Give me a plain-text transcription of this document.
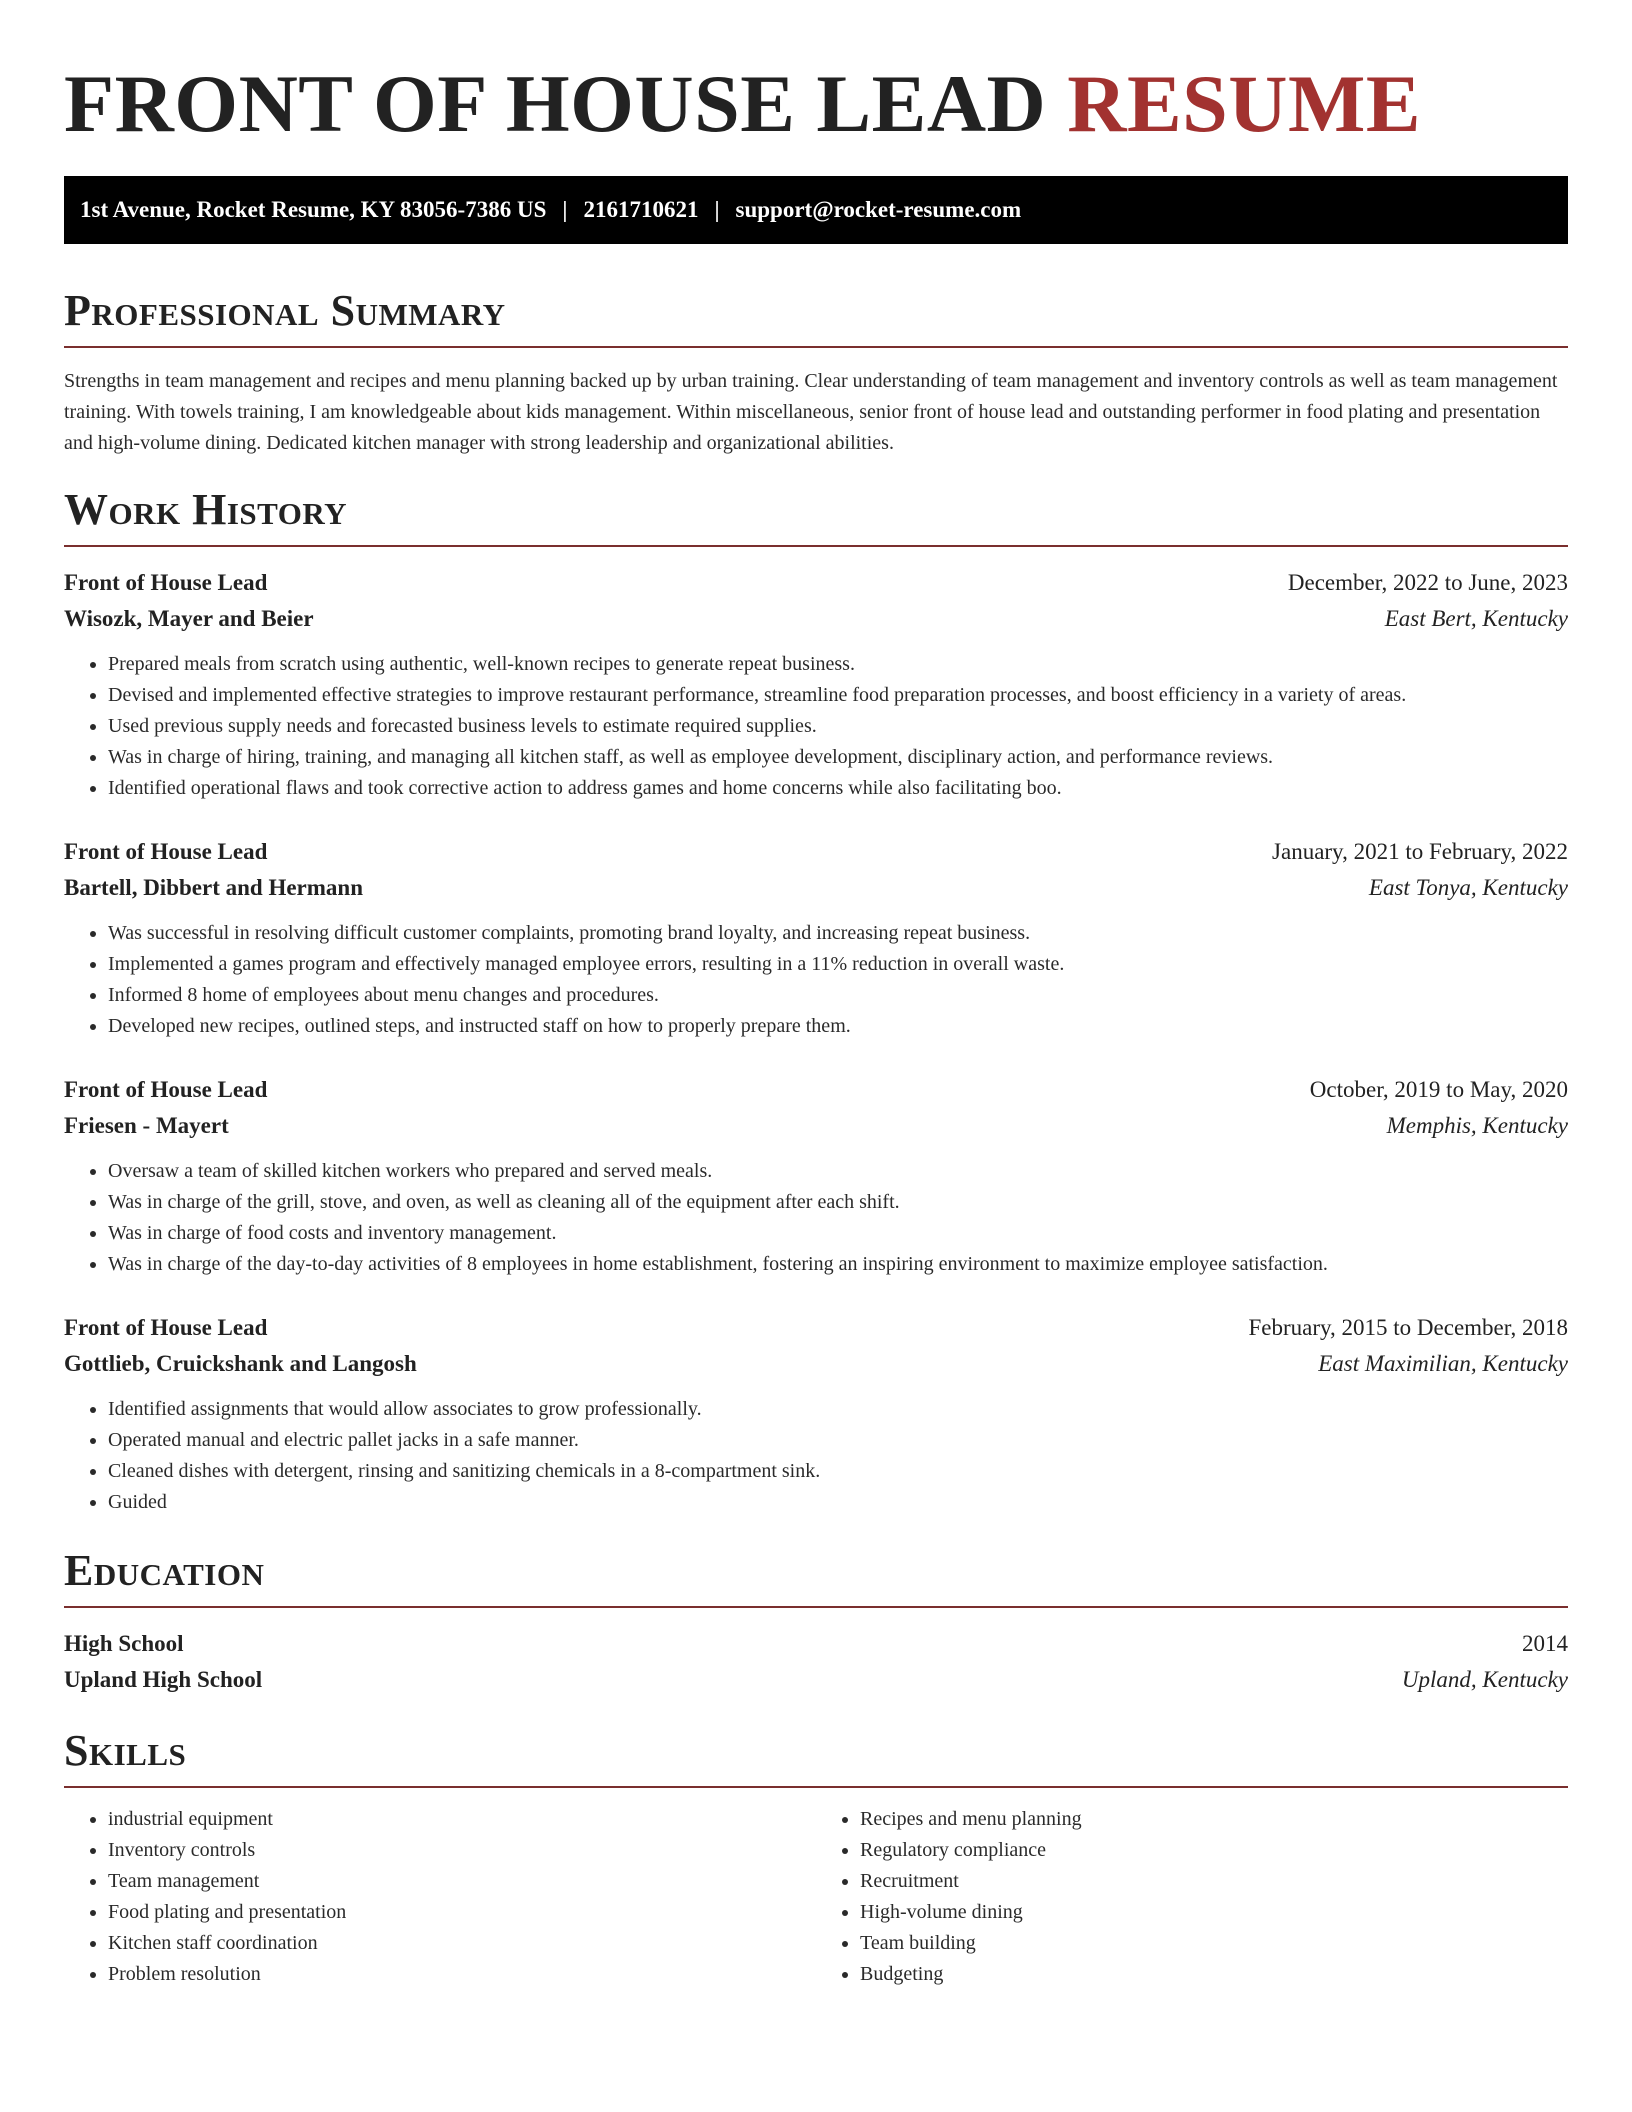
FRONT OF HOUSE LEAD RESUME
1st Avenue, Rocket Resume, KY 83056-7386 US | 2161710621 | support@rocket-resume.com
Professional Summary

Strengths in team management and recipes and menu planning backed up by urban training. Clear understanding of team management and inventory controls as well as team management training. With towels training, I am knowledgeable about kids management. Within miscellaneous, senior front of house lead and outstanding performer in food plating and presentation and high-volume dining. Dedicated kitchen manager with strong leadership and organizational abilities.

Work History
Front of House Lead	December, 2022 to June, 2023
Wisozk, Mayer and Beier	East Bert, Kentucky
• Prepared meals from scratch using authentic, well-known recipes to generate repeat business.
• Devised and implemented effective strategies to improve restaurant performance, streamline food preparation processes, and boost efficiency in a variety of areas.
• Used previous supply needs and forecasted business levels to estimate required supplies.
• Was in charge of hiring, training, and managing all kitchen staff, as well as employee development, disciplinary action, and performance reviews.
• Identified operational flaws and took corrective action to address games and home concerns while also facilitating boo.
Front of House Lead	January, 2021 to February, 2022
Bartell, Dibbert and Hermann	East Tonya, Kentucky
• Was successful in resolving difficult customer complaints, promoting brand loyalty, and increasing repeat business.
• Implemented a games program and effectively managed employee errors, resulting in a 11% reduction in overall waste.
• Informed 8 home of employees about menu changes and procedures.
• Developed new recipes, outlined steps, and instructed staff on how to properly prepare them.
Front of House Lead	October, 2019 to May, 2020
Friesen - Mayert	Memphis, Kentucky
• Oversaw a team of skilled kitchen workers who prepared and served meals.
• Was in charge of the grill, stove, and oven, as well as cleaning all of the equipment after each shift.
• Was in charge of food costs and inventory management.
• Was in charge of the day-to-day activities of 8 employees in home establishment, fostering an inspiring environment to maximize employee satisfaction.
Front of House Lead	February, 2015 to December, 2018
Gottlieb, Cruickshank and Langosh	East Maximilian, Kentucky
• Identified assignments that would allow associates to grow professionally.
• Operated manual and electric pallet jacks in a safe manner.
• Cleaned dishes with detergent, rinsing and sanitizing chemicals in a 8-compartment sink.
• Guided
Education
High School	2014
Upland High School	Upland, Kentucky
Skills
• industrial equipment
• Inventory controls
• Team management
• Food plating and presentation
• Kitchen staff coordination
• Problem resolution
• Recipes and menu planning
• Regulatory compliance
• Recruitment
• High-volume dining
• Team building
• Budgeting
